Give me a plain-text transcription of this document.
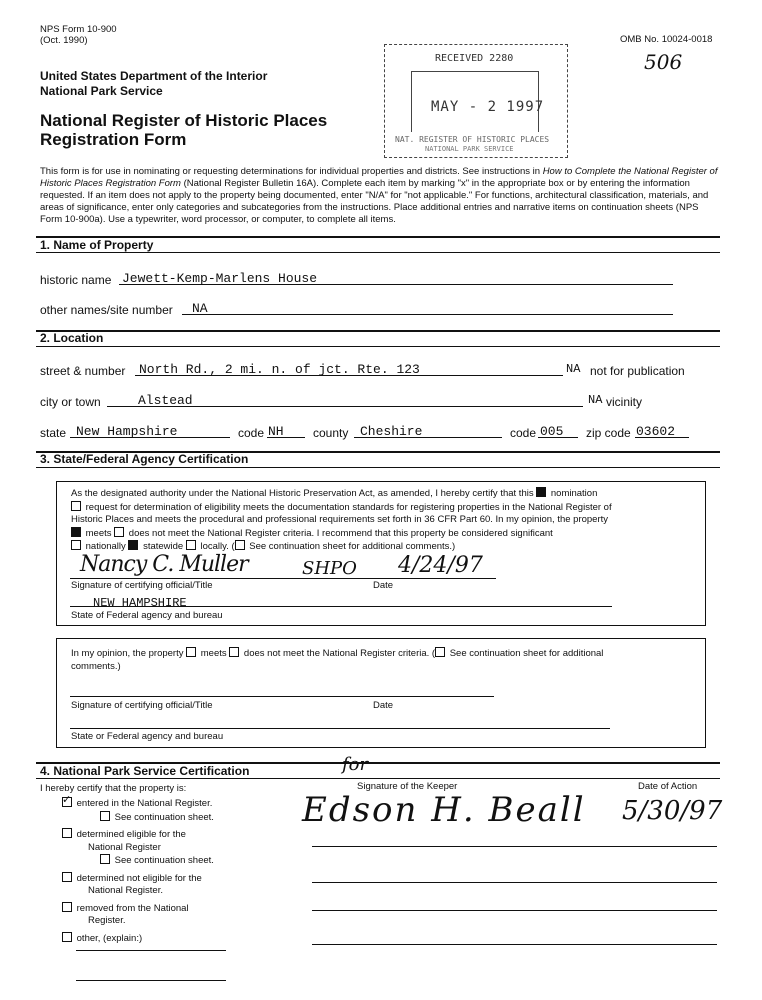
NPS Form 10-900
(Oct. 1990)	OMB No. 10024-0018
506
United States Department of the Interior
National Park Service
National Register of Historic Places
Registration Form
RECEIVED 2280
MAY - 2 1997
NAT. REGISTER OF HISTORIC PLACES
NATIONAL PARK SERVICE
This form is for use in nominating or requesting determinations for individual properties and districts. See instructions in How to Complete the National Register of Historic Places Registration Form (National Register Bulletin 16A). Complete each item by marking "x" in the appropriate box or by entering the information requested. If an item does not apply to the property being documented, enter "N/A" for "not applicable." For functions, architectural classification, materials, and areas of significance, enter only categories and subcategories from the instructions. Place additional entries and narrative items on continuation sheets (NPS Form 10-900a). Use a typewriter, word processor, or computer, to complete all items.
1. Name of Property
historic name Jewett-Kemp-Marlens House
other names/site number NA
2. Location
street & number North Rd., 2 mi. n. of jct. Rte. 123	NA not for publication
city or town	Alstead	NA vicinity
state New Hampshire	code NH county Cheshire	code 005 zip code 03602
3. State/Federal Agency Certification
As the designated authority under the National Historic Preservation Act, as amended, I hereby certify that this nomination
request for determination of eligibility meets the documentation standards for registering properties in the National Register of
Historic Places and meets the procedural and professional requirements set forth in 36 CFR Part 60. In my opinion, the property
meets does not meet the National Register criteria. I recommend that this property be considered significant
nationally statewide locally. ( See continuation sheet for additional comments.)
Nancy C. Muller	SHPO 4/24/97
Signature of certifying official/Title	Date
NEW HAMPSHIRE
State of Federal agency and bureau
In my opinion, the property meets does not meet the National Register criteria. ( See continuation sheet for additional
comments.)
Signature of certifying official/Title	Date
State or Federal agency and bureau
4. National Park Service Certification
I hereby certify that the property is:	Signature of the Keeper	Date of Action
for
Edson H. Beall 5/30/97
✓ entered in the National Register.
See continuation sheet.
determined eligible for the
National Register
See continuation sheet.
determined not eligible for the
National Register.
removed from the National
Register.
other, (explain:)
